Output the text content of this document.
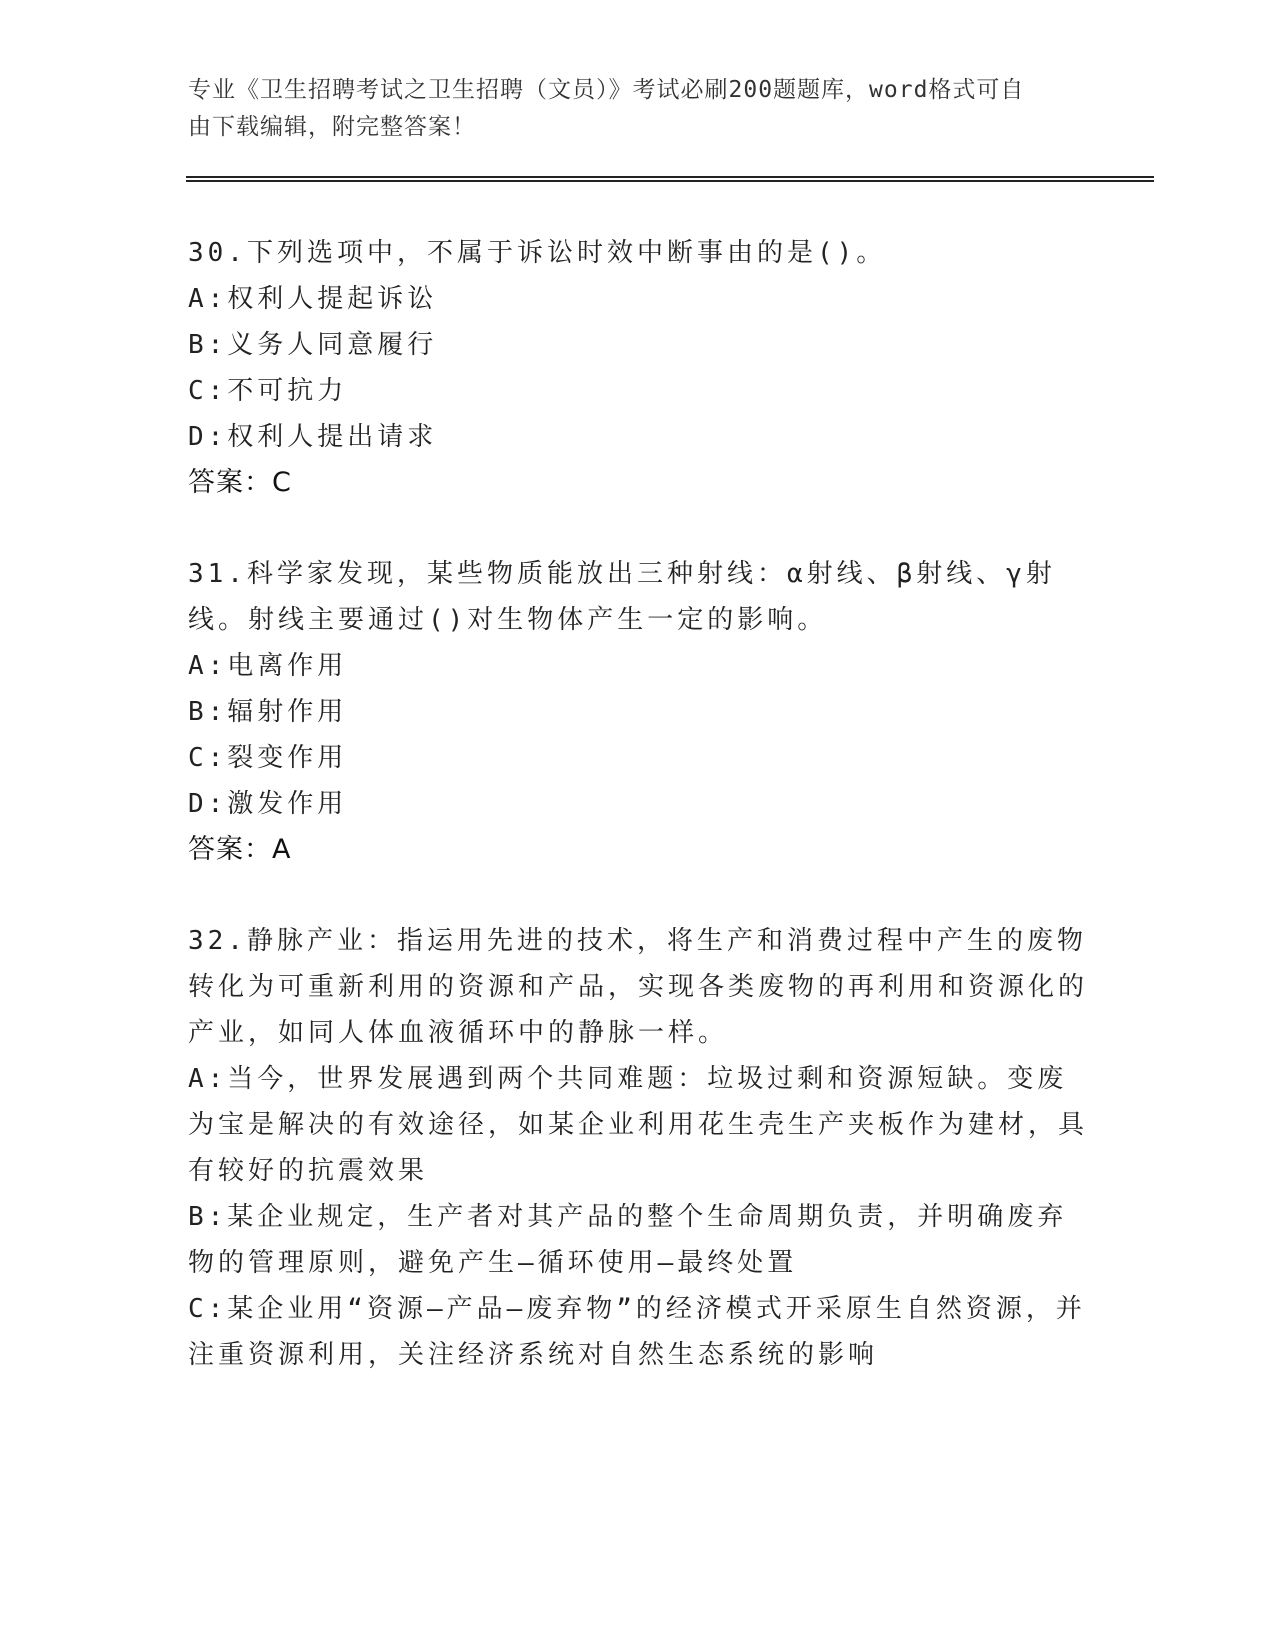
专业《卫生招聘考试之卫生招聘（文员）》考试必刷200题题库，word格式可自
由下载编辑，附完整答案！

30.下列选项中，不属于诉讼时效中断事由的是()。

A:权利人提起诉讼

B:义务人同意履行

C:不可抗力

D:权利人提出请求

答案：C

31.科学家发现，某些物质能放出三种射线：α射线、β射线、γ射线。射线主要通过()对生物体产生一定的影响。

A:电离作用

B:辐射作用

C:裂变作用

D:激发作用

答案：A

32.静脉产业：指运用先进的技术，将生产和消费过程中产生的废物转化为可重新利用的资源和产品，实现各类废物的再利用和资源化的产业，如同人体血液循环中的静脉一样。

A:当今，世界发展遇到两个共同难题：垃圾过剩和资源短缺。变废为宝是解决的有效途径，如某企业利用花生壳生产夹板作为建材，具有较好的抗震效果

B:某企业规定，生产者对其产品的整个生命周期负责，并明确废弃物的管理原则，避免产生—循环使用—最终处置

C:某企业用“资源—产品—废弃物”的经济模式开采原生自然资源，并注重资源利用，关注经济系统对自然生态系统的影响
